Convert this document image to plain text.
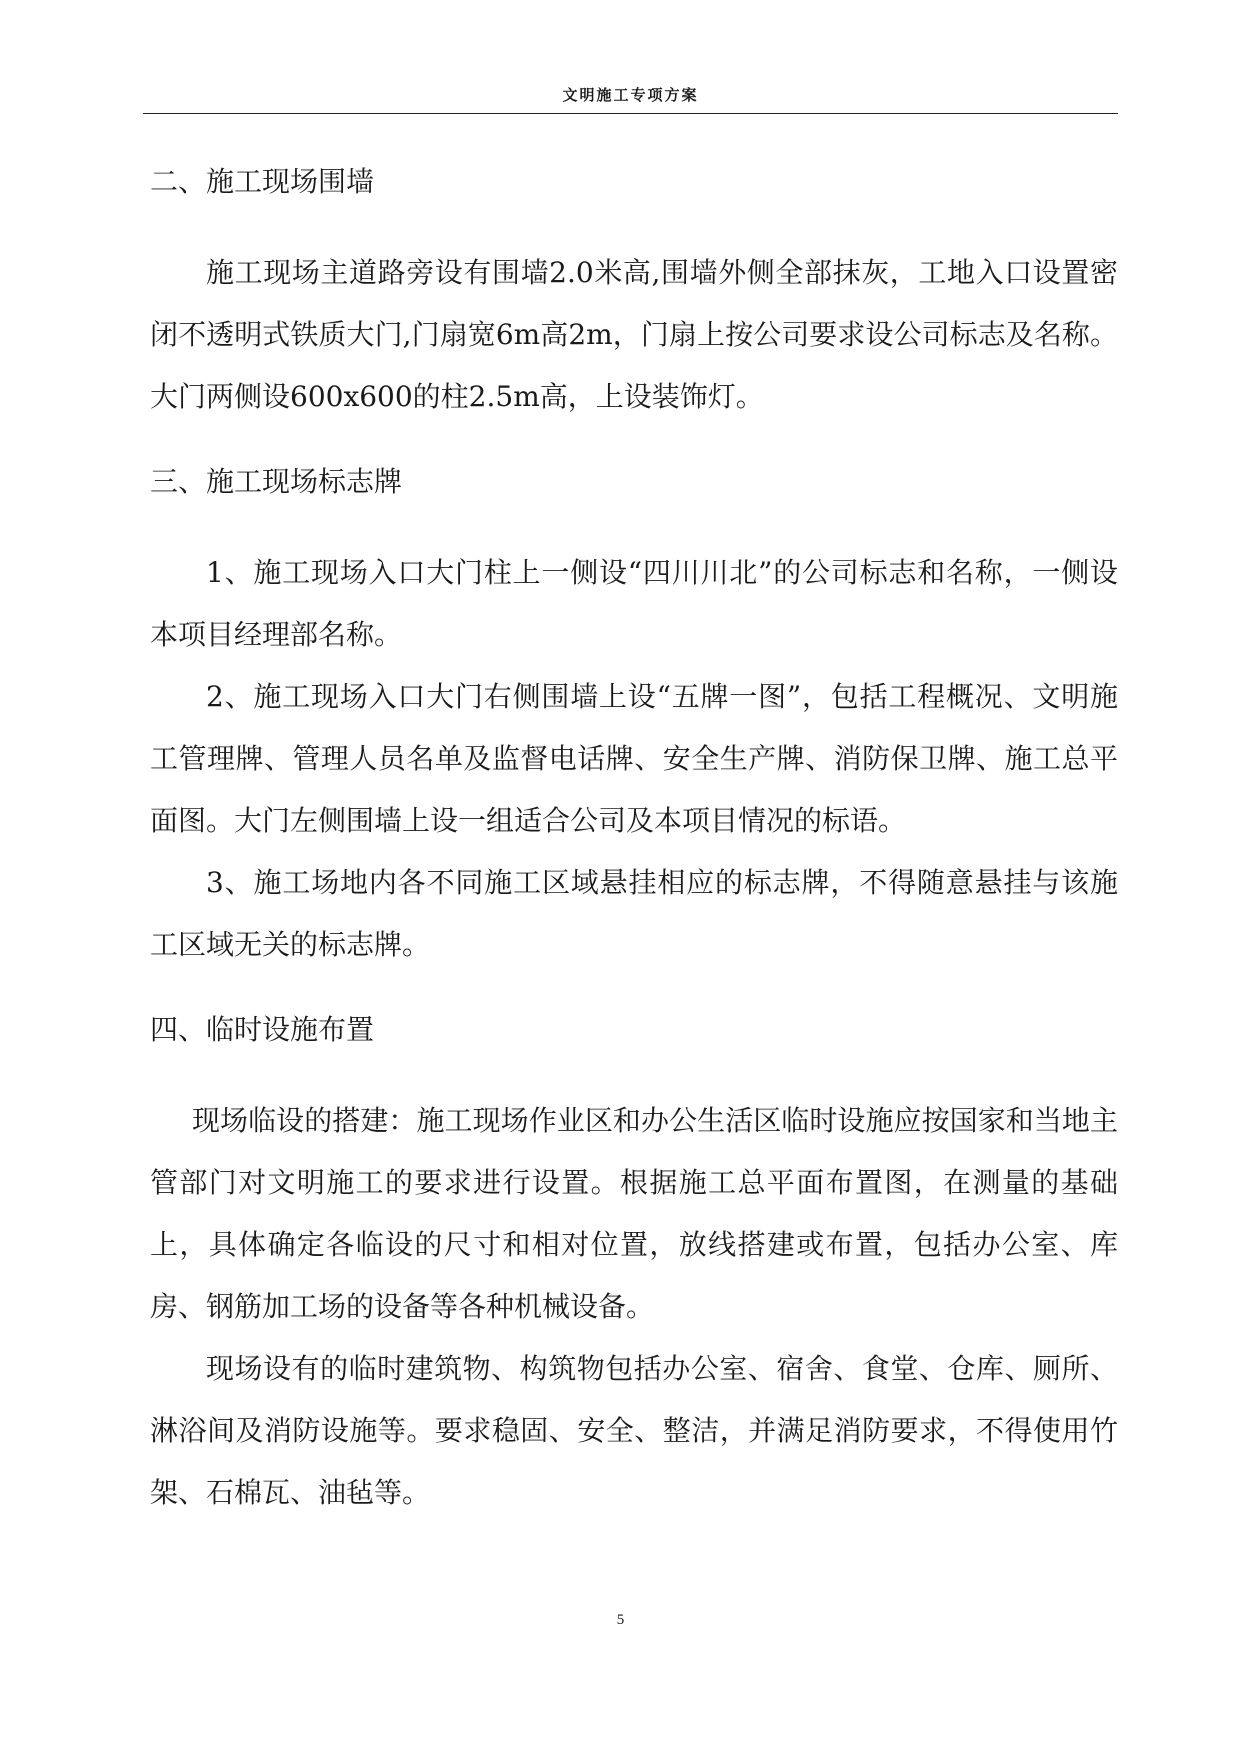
文明施工专项方案

二、施工现场围墙

施工现场主道路旁设有围墙2.0米高,围墙外侧全部抹灰，工地入口设置密闭不透明式铁质大门,门扇宽6m高2m，门扇上按公司要求设公司标志及名称。大门两侧设600x600的柱2.5m高，上设装饰灯。

三、施工现场标志牌

1、施工现场入口大门柱上一侧设“四川川北”的公司标志和名称，一侧设本项目经理部名称。

2、施工现场入口大门右侧围墙上设“五牌一图”，包括工程概况、文明施工管理牌、管理人员名单及监督电话牌、安全生产牌、消防保卫牌、施工总平面图。大门左侧围墙上设一组适合公司及本项目情况的标语。

3、施工场地内各不同施工区域悬挂相应的标志牌，不得随意悬挂与该施工区域无关的标志牌。

四、临时设施布置

现场临设的搭建：施工现场作业区和办公生活区临时设施应按国家和当地主管部门对文明施工的要求进行设置。根据施工总平面布置图，在测量的基础上，具体确定各临设的尺寸和相对位置，放线搭建或布置，包括办公室、库房、钢筋加工场的设备等各种机械设备。

现场设有的临时建筑物、构筑物包括办公室、宿舍、食堂、仓库、厕所、淋浴间及消防设施等。要求稳固、安全、整洁，并满足消防要求，不得使用竹架、石棉瓦、油毡等。

5
